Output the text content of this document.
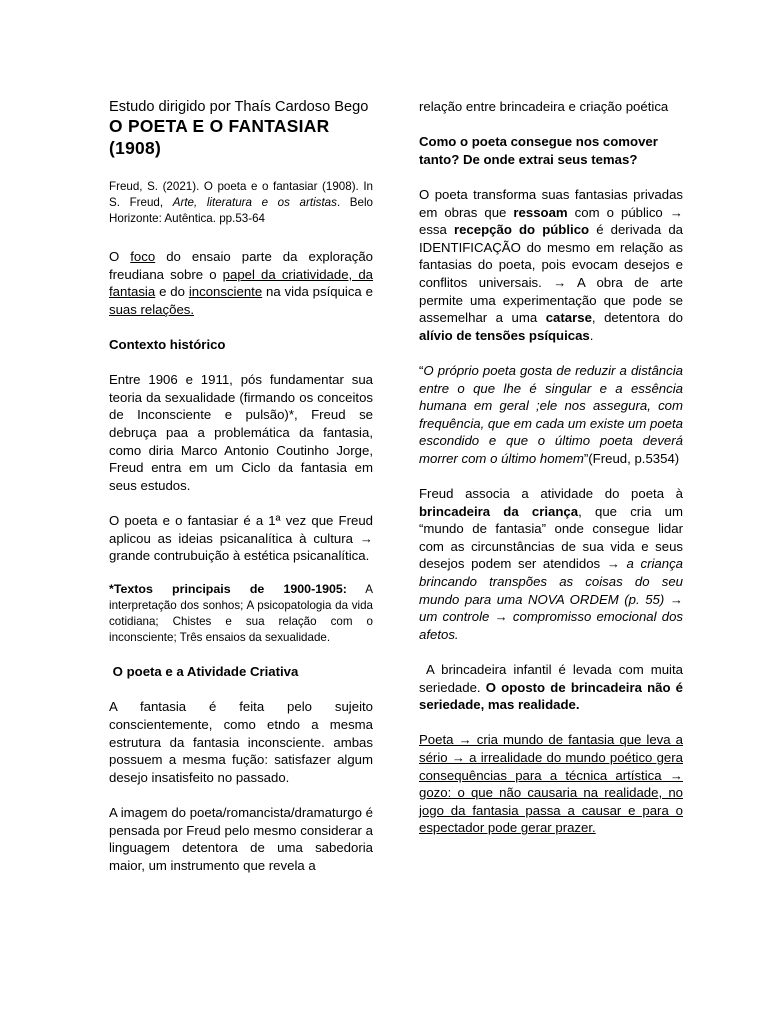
Estudo dirigido por Thaís Cardoso Bego

O POETA E O FANTASIAR (1908)

Freud, S. (2021). O poeta e o fantasiar (1908). In S. Freud, Arte, literatura e os artistas. Belo Horizonte: Autêntica. pp.53-64

O foco do ensaio parte da exploração freudiana sobre o papel da criatividade, da fantasia e do inconsciente na vida psíquica e suas relações.

Contexto histórico

Entre 1906 e 1911, pós fundamentar sua teoria da sexualidade (firmando os conceitos de Inconsciente e pulsão)*, Freud se debruça paa a problemática da fantasia, como diria Marco Antonio Coutinho Jorge, Freud entra em um Ciclo da fantasia em seus estudos.

O poeta e o fantasiar é a 1ª vez que Freud aplicou as ideias psicanalítica à cultura → grande contrubuição à estética psicanalítica.

*Textos principais de 1900-1905: A interpretação dos sonhos; A psicopatologia da vida cotidiana; Chistes e sua relação com o inconsciente; Três ensaios da sexualidade.

O poeta e a Atividade Criativa

A fantasia é feita pelo sujeito conscientemente, como etndo a mesma estrutura da fantasia inconsciente. ambas possuem a mesma fução: satisfazer algum desejo insatisfeito no passado.

A imagem do poeta/romancista/dramaturgo é pensada por Freud pelo mesmo considerar a linguagem detentora de uma sabedoria maior, um instrumento que revela a

relação entre brincadeira e criação poética

Como o poeta consegue nos comover tanto? De onde extrai seus temas?

O poeta transforma suas fantasias privadas em obras que ressoam com o público → essa recepção do público é derivada da IDENTIFICAÇÃO do mesmo em relação as fantasias do poeta, pois evocam desejos e conflitos universais. → A obra de arte permite uma experimentação que pode se assemelhar a uma catarse, detentora do alívio de tensões psíquicas.

“O próprio poeta gosta de reduzir a distância entre o que lhe é singular e a essência humana em geral ;ele nos assegura, com frequência, que em cada um existe um poeta escondido e que o último poeta deverá morrer com o último homem”(Freud, p.5354)

Freud associa a atividade do poeta à brincadeira da criança, que cria um “mundo de fantasia” onde consegue lidar com as circunstâncias de sua vida e seus desejos podem ser atendidos → a criança brincando transpões as coisas do seu mundo para uma NOVA ORDEM (p. 55) → um controle → compromisso emocional dos afetos.

A brincadeira infantil é levada com muita seriedade. O oposto de brincadeira não é seriedade, mas realidade.

Poeta → cria mundo de fantasia que leva a sério → a irrealidade do mundo poético gera consequências para a técnica artística → gozo: o que não causaria na realidade, no jogo da fantasia passa a causar e para o espectador pode gerar prazer.
